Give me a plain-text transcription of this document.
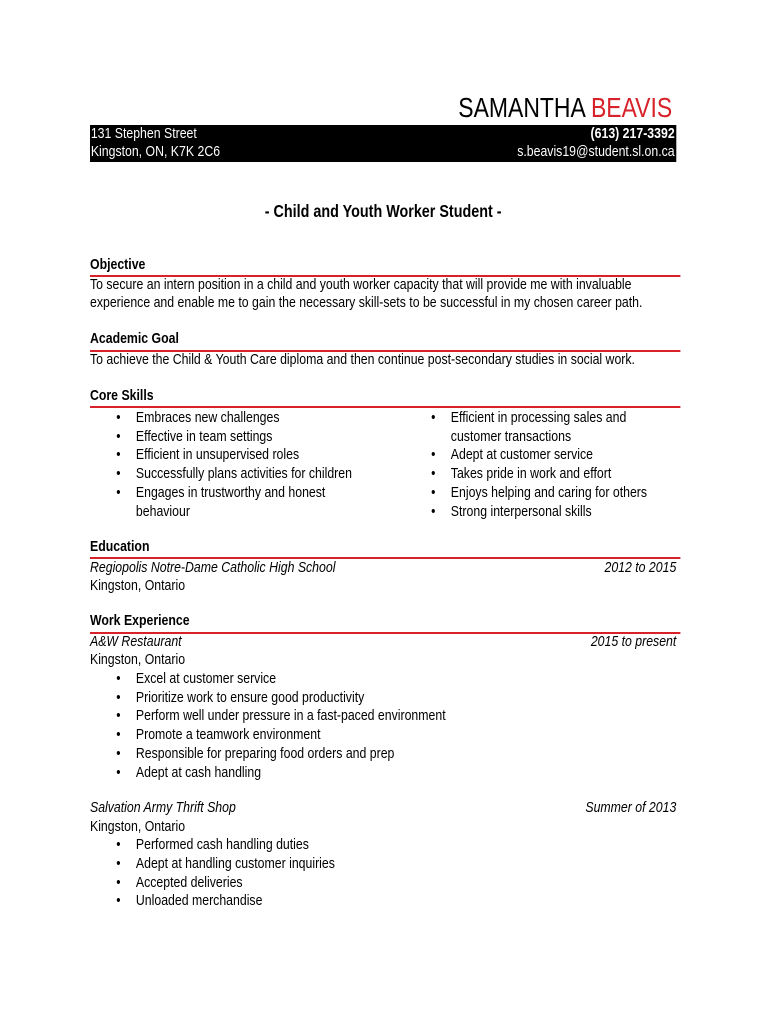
SAMANTHA BEAVIS
131 Stephen Street
Kingston, ON, K7K 2C6
(613) 217-3392
s.beavis19@student.sl.on.ca
- Child and Youth Worker Student -
Objective
To secure an intern position in a child and youth worker capacity that will provide me with invaluable experience and enable me to gain the necessary skill-sets to be successful in my chosen career path.
Academic Goal
To achieve the Child & Youth Care diploma and then continue post-secondary studies in social work.
Core Skills
• Embraces new challenges
• Effective in team settings
• Efficient in unsupervised roles
• Successfully plans activities for children
• Engages in trustworthy and honest behaviour
• Efficient in processing sales and customer transactions
• Adept at customer service
• Takes pride in work and effort
• Enjoys helping and caring for others
• Strong interpersonal skills
Education
Regiopolis Notre-Dame Catholic High School	2012 to 2015
Kingston, Ontario
Work Experience
A&W Restaurant	2015 to present
Kingston, Ontario
• Excel at customer service
• Prioritize work to ensure good productivity
• Perform well under pressure in a fast-paced environment
• Promote a teamwork environment
• Responsible for preparing food orders and prep
• Adept at cash handling
Salvation Army Thrift Shop	Summer of 2013
Kingston, Ontario
• Performed cash handling duties
• Adept at handling customer inquiries
• Accepted deliveries
• Unloaded merchandise
